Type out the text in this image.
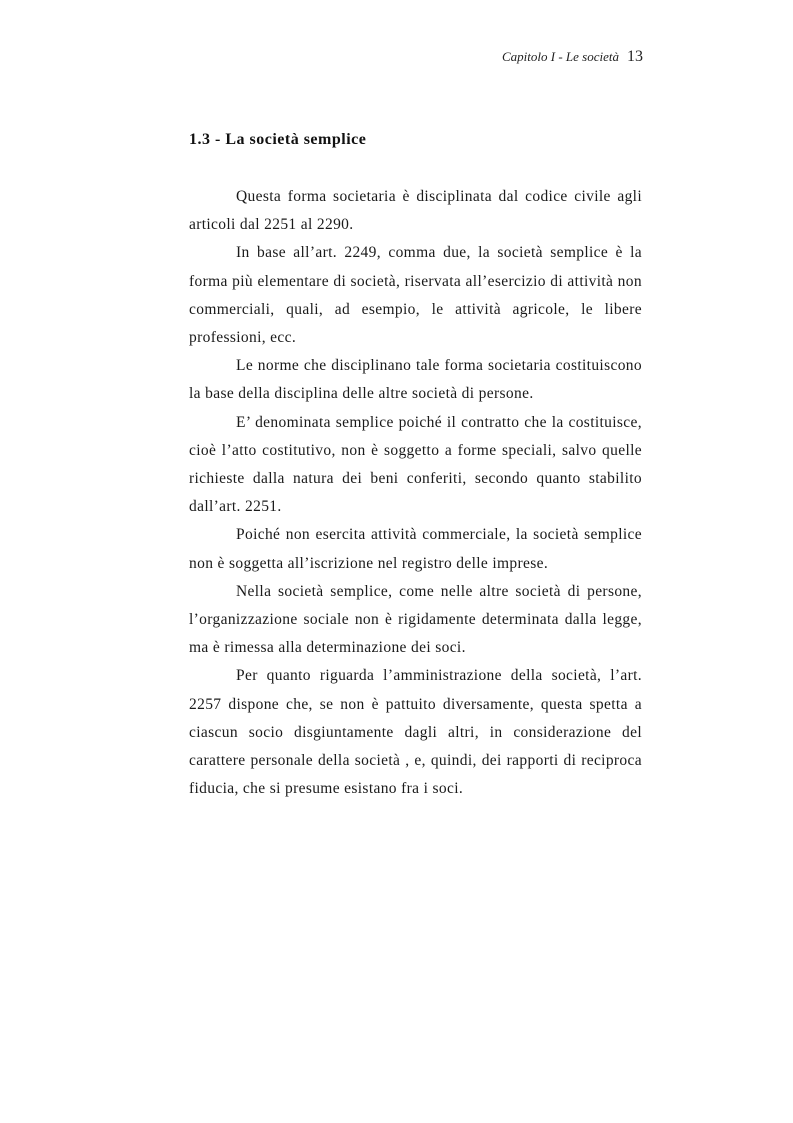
Capitolo I - Le società 13
1.3 - La società semplice

Questa forma societaria è disciplinata dal codice civile agli articoli dal 2251 al 2290.

In base all’art. 2249, comma due, la società semplice è la forma più elementare di società, riservata all’esercizio di attività non commerciali, quali, ad esempio, le attività agricole, le libere professioni, ecc.

Le norme che disciplinano tale forma societaria costituiscono la base della disciplina delle altre società di persone.

E’ denominata semplice poiché il contratto che la costituisce, cioè l’atto costitutivo, non è soggetto a forme speciali, salvo quelle richieste dalla natura dei beni conferiti, secondo quanto stabilito dall’art. 2251.

Poiché non esercita attività commerciale, la società semplice non è soggetta all’iscrizione nel registro delle imprese.

Nella società semplice, come nelle altre società di persone, l’organizzazione sociale non è rigidamente determinata dalla legge, ma è rimessa alla determinazione dei soci.

Per quanto riguarda l’amministrazione della società, l’art. 2257 dispone che, se non è pattuito diversamente, questa spetta a ciascun socio disgiuntamente dagli altri, in considerazione del carattere personale della società , e, quindi, dei rapporti di reciproca fiducia, che si presume esistano fra i soci.
